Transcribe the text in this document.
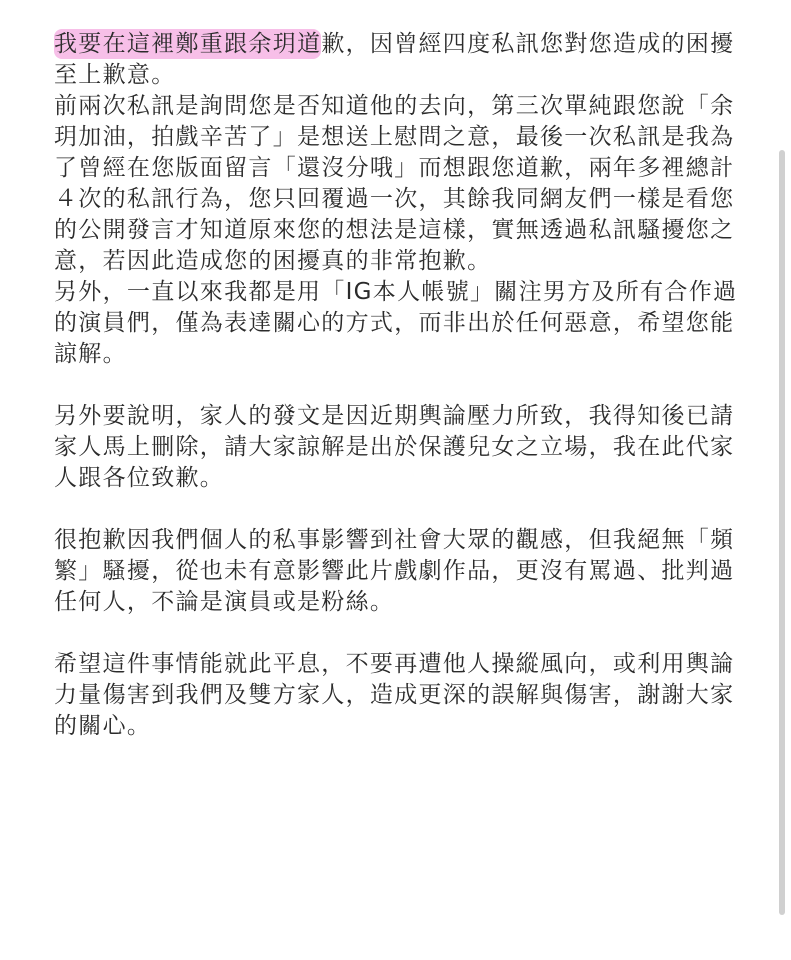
我要在這裡鄭重跟余玥道歉，因曾經四度私訊您對您造成的困擾至上歉意。

前兩次私訊是詢問您是否知道他的去向，第三次單純跟您說「余玥加油，拍戲辛苦了」是想送上慰問之意，最後一次私訊是我為了曾經在您版面留言「還沒分哦」而想跟您道歉，兩年多裡總計４次的私訊行為，您只回覆過一次，其餘我同網友們一樣是看您的公開發言才知道原來您的想法是這樣，實無透過私訊騷擾您之意，若因此造成您的困擾真的非常抱歉。

另外，一直以來我都是用「IG本人帳號」關注男方及所有合作過的演員們，僅為表達關心的方式，而非出於任何惡意，希望您能諒解。

另外要說明，家人的發文是因近期輿論壓力所致，我得知後已請家人馬上刪除，請大家諒解是出於保護兒女之立場，我在此代家人跟各位致歉。

很抱歉因我們個人的私事影響到社會大眾的觀感，但我絕無「頻繁」騷擾，從也未有意影響此片戲劇作品，更沒有罵過、批判過任何人，不論是演員或是粉絲。

希望這件事情能就此平息，不要再遭他人操縱風向，或利用輿論力量傷害到我們及雙方家人，造成更深的誤解與傷害，謝謝大家的關心。
